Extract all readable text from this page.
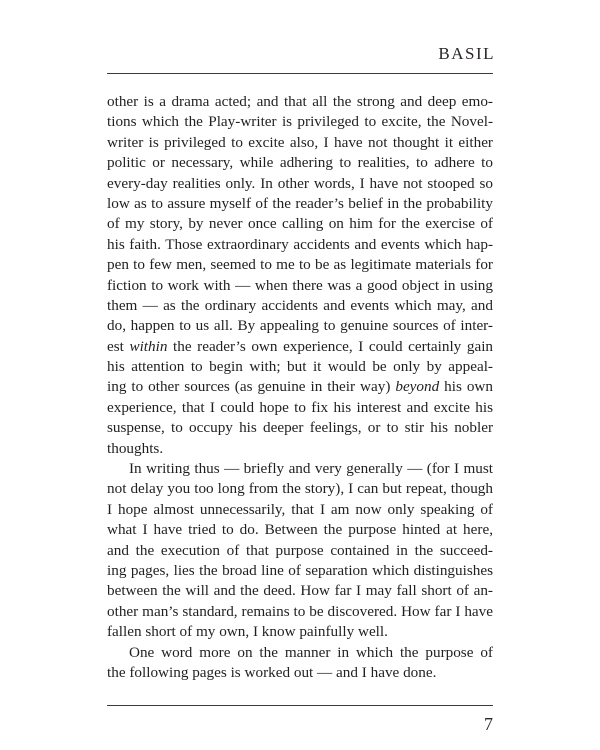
BASIL
other is a drama acted; and that all the strong and deep emo-
tions which the Play-writer is privileged to excite, the Novel-
writer is privileged to excite also, I have not thought it either
politic or necessary, while adhering to realities, to adhere to
every-day realities only. In other words, I have not stooped so
low as to assure myself of the reader’s belief in the probability
of my story, by never once calling on him for the exercise of
his faith. Those extraordinary accidents and events which hap-
pen to few men, seemed to me to be as legitimate materials for
fiction to work with — when there was a good object in using
them — as the ordinary accidents and events which may, and
do, happen to us all. By appealing to genuine sources of inter-
est within the reader’s own experience, I could certainly gain
his attention to begin with; but it would be only by appeal-
ing to other sources (as genuine in their way) beyond his own
experience, that I could hope to fix his interest and excite his
suspense, to occupy his deeper feelings, or to stir his nobler
thoughts.
In writing thus — briefly and very generally — (for I must
not delay you too long from the story), I can but repeat, though
I hope almost unnecessarily, that I am now only speaking of
what I have tried to do. Between the purpose hinted at here,
and the execution of that purpose contained in the succeed-
ing pages, lies the broad line of separation which distinguishes
between the will and the deed. How far I may fall short of an-
other man’s standard, remains to be discovered. How far I have
fallen short of my own, I know painfully well.
One word more on the manner in which the purpose of
the following pages is worked out — and I have done.
7
